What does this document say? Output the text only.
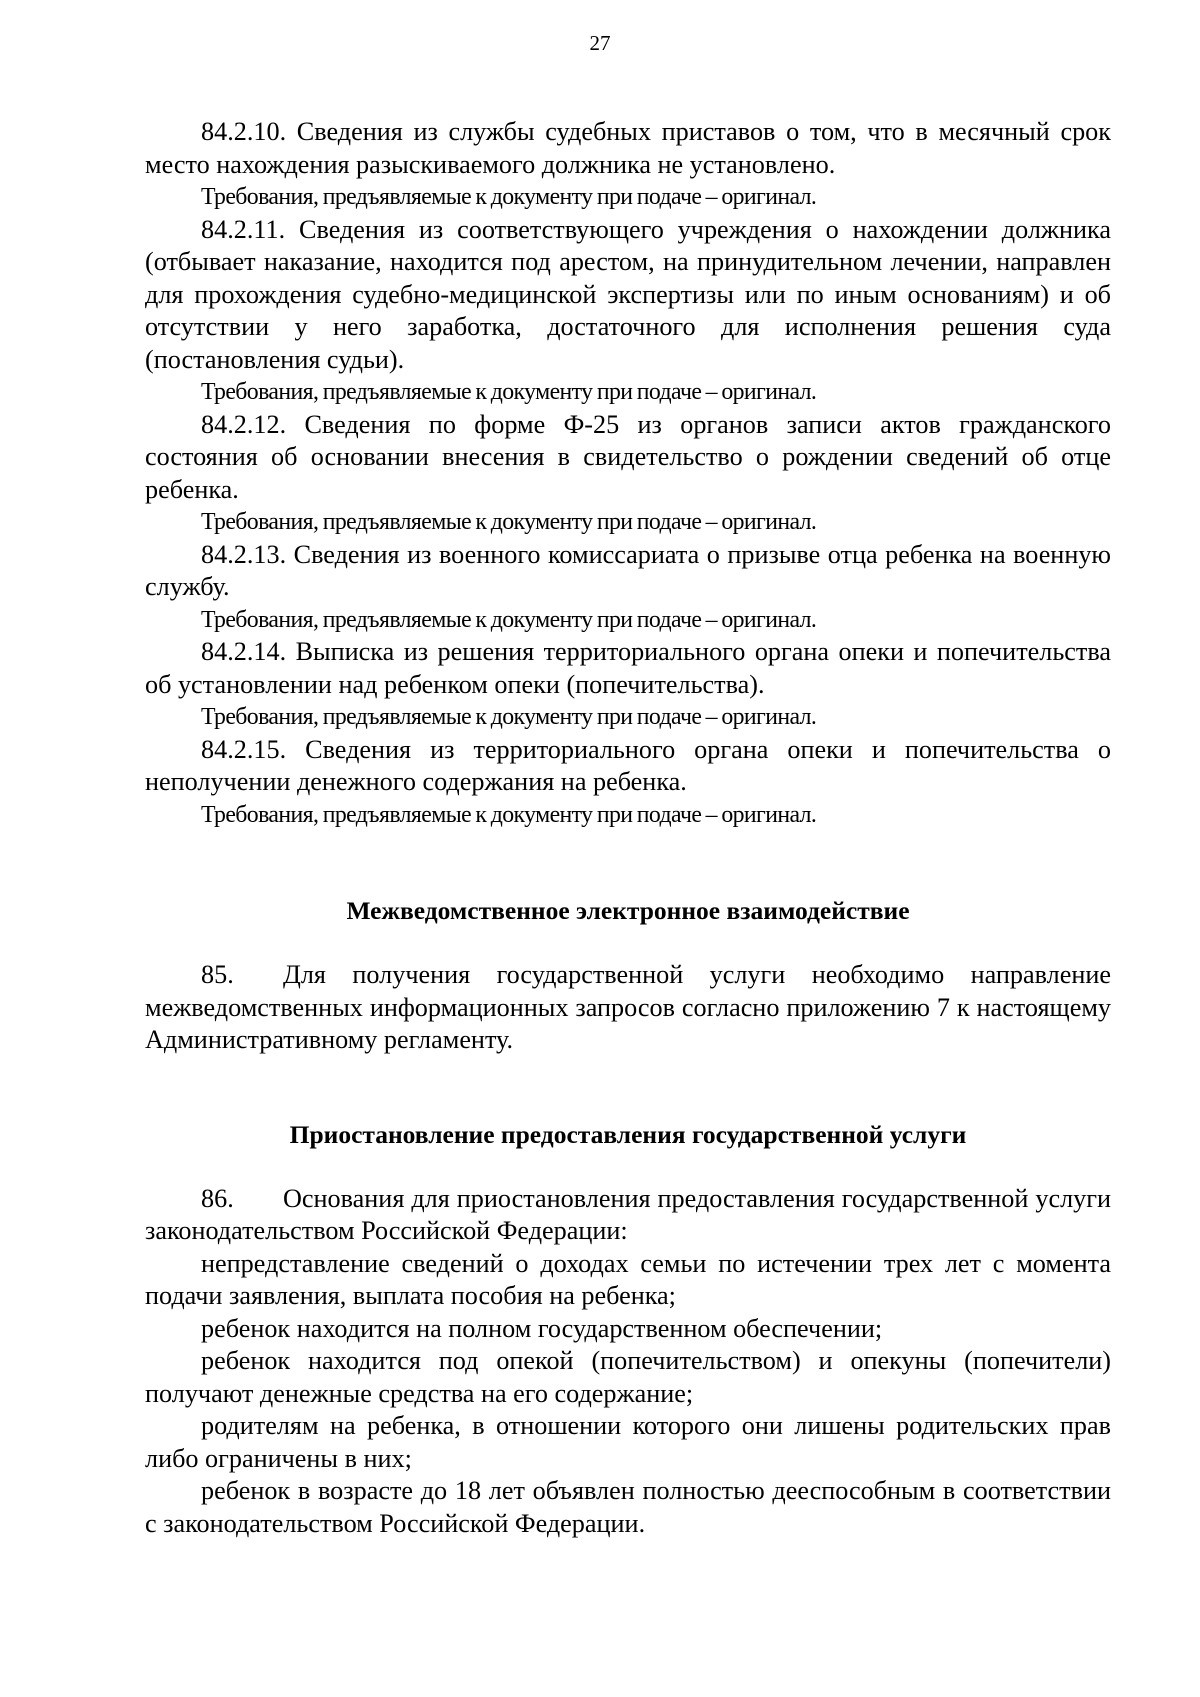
27

84.2.10. Сведения из службы судебных приставов о том, что в месячный срок место нахождения разыскиваемого должника не установлено.

Требования, предъявляемые к документу при подаче – оригинал.

84.2.11. Сведения из соответствующего учреждения о нахождении должника (отбывает наказание, находится под арестом, на принудительном лечении, направлен для прохождения судебно-медицинской экспертизы или по иным основаниям) и об отсутствии у него заработка, достаточного для исполнения решения суда (постановления судьи).

Требования, предъявляемые к документу при подаче – оригинал.

84.2.12. Сведения по форме Ф-25 из органов записи актов гражданского состояния об основании внесения в свидетельство о рождении сведений об отце ребенка.

Требования, предъявляемые к документу при подаче – оригинал.

84.2.13. Сведения из военного комиссариата о призыве отца ребенка на военную службу.

Требования, предъявляемые к документу при подаче – оригинал.

84.2.14. Выписка из решения территориального органа опеки и попечительства об установлении над ребенком опеки (попечительства).

Требования, предъявляемые к документу при подаче – оригинал.

84.2.15. Сведения из территориального органа опеки и попечительства о неполучении денежного содержания на ребенка.

Требования, предъявляемые к документу при подаче – оригинал.

Межведомственное электронное взаимодействие

85. Для получения государственной услуги необходимо направление межведомственных информационных запросов согласно приложению 7 к настоящему Административному регламенту.

Приостановление предоставления государственной услуги

86. Основания для приостановления предоставления государственной услуги законодательством Российской Федерации:

непредставление сведений о доходах семьи по истечении трех лет с момента подачи заявления, выплата пособия на ребенка;

ребенок находится на полном государственном обеспечении;

ребенок находится под опекой (попечительством) и опекуны (попечители) получают денежные средства на его содержание;

родителям на ребенка, в отношении которого они лишены родительских прав либо ограничены в них;

ребенок в возрасте до 18 лет объявлен полностью дееспособным в соответствии с законодательством Российской Федерации.
